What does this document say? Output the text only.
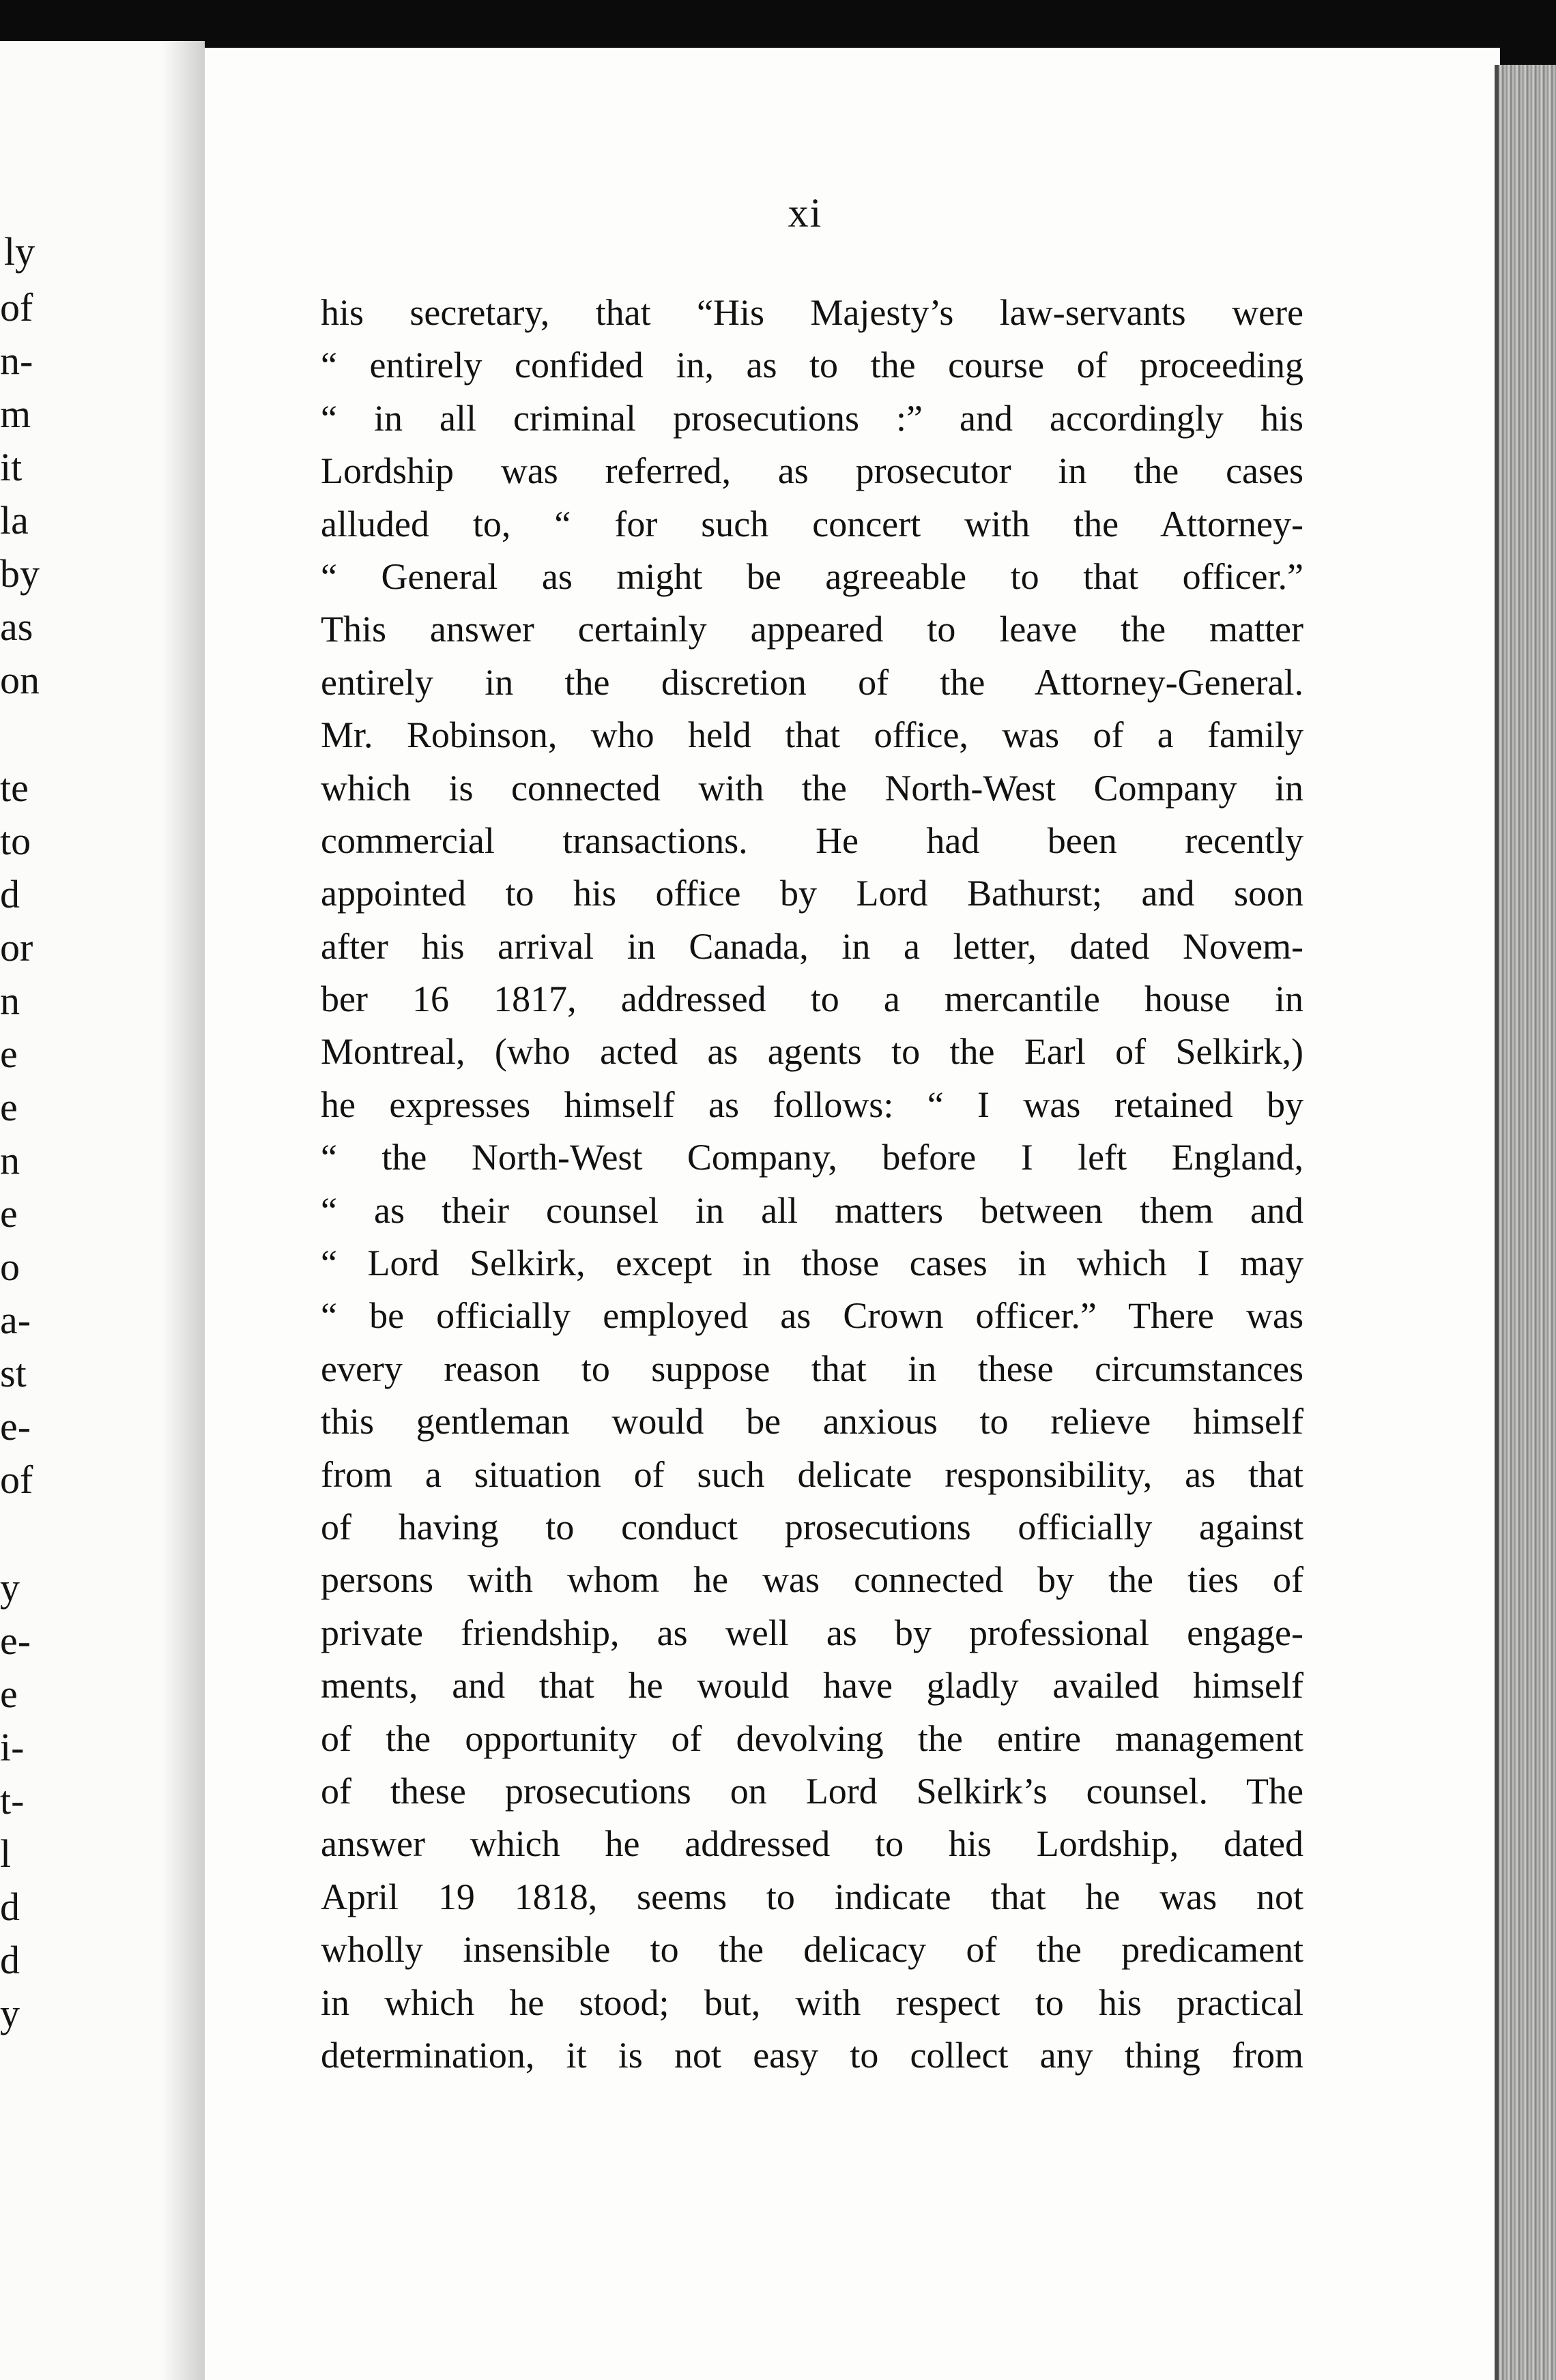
ly
of
n-
m
it
la
by
as
on
te
to
d
or
n
e
e
n
e
o
a-
st
e-
of
y
e-
e
i-
t-
l
d
d
y
xi
his secretary, that “His Majesty’s law-servants were
“ entirely confided in, as to the course of proceeding
“ in all criminal prosecutions :” and accordingly his
Lordship was referred, as prosecutor in the cases
alluded to, “ for such concert with the Attorney-
“ General as might be agreeable to that officer.”
This answer certainly appeared to leave the matter
entirely in the discretion of the Attorney-General.
Mr. Robinson, who held that office, was of a family
which is connected with the North-West Company in
commercial transactions. He had been recently
appointed to his office by Lord Bathurst; and soon
after his arrival in Canada, in a letter, dated Novem-
ber 16 1817, addressed to a mercantile house in
Montreal, (who acted as agents to the Earl of Selkirk,)
he expresses himself as follows: “ I was retained by
“ the North-West Company, before I left England,
“ as their counsel in all matters between them and
“ Lord Selkirk, except in those cases in which I may
“ be officially employed as Crown officer.” There was
every reason to suppose that in these circumstances
this gentleman would be anxious to relieve himself
from a situation of such delicate responsibility, as that
of having to conduct prosecutions officially against
persons with whom he was connected by the ties of
private friendship, as well as by professional engage-
ments, and that he would have gladly availed himself
of the opportunity of devolving the entire management
of these prosecutions on Lord Selkirk’s counsel. The
answer which he addressed to his Lordship, dated
April 19 1818, seems to indicate that he was not
wholly insensible to the delicacy of the predicament
in which he stood; but, with respect to his practical
determination, it is not easy to collect any thing from
